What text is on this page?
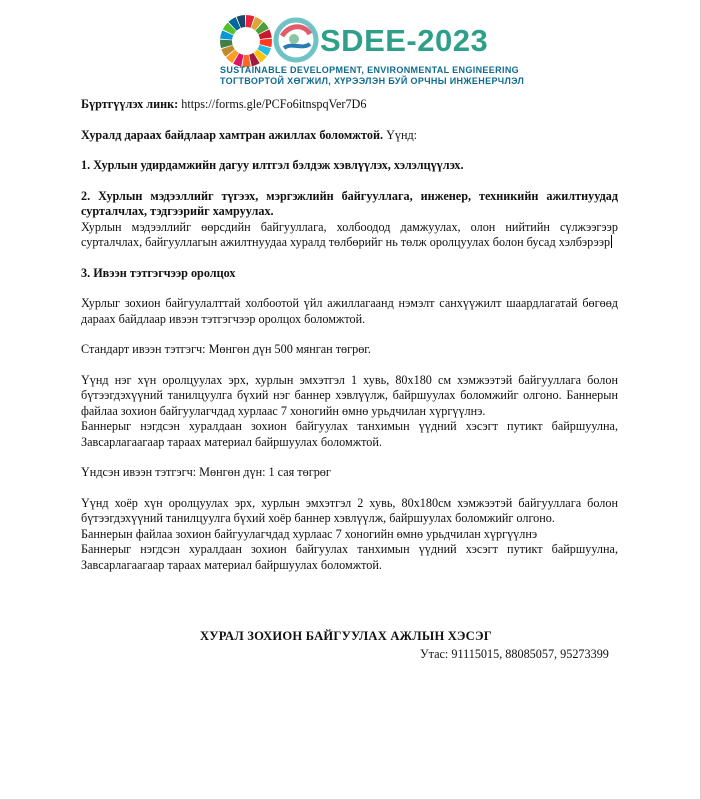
SDEE-2023
SUSTAINABLE DEVELOPMENT, ENVIRONMENTAL ENGINEERING
ТОГТВОРТОЙ ХӨГЖИЛ, ХҮРЭЭЛЭН БУЙ ОРЧНЫ ИНЖЕНЕРЧЛЭЛ

Бүртгүүлэх линк: https://forms.gle/PCFo6itnspqVer7D6

Хуралд дараах байдлаар хамтран ажиллах боломжтой. Үүнд:

1. Хурлын удирдамжийн дагуу илтгэл бэлдэж хэвлүүлэх, хэлэлцүүлэх.

2. Хурлын мэдээллийг түгээх, мэргэжлийн байгууллага, инженер, техникийн ажилтнуудад сурталчлах, тэдгээрийг хамруулах.

Хурлын мэдээллийг өөрсдийн байгууллага, холбоодод дамжуулах, олон нийтийн сүлжээгээр сурталчлах, байгууллагын ажилтнуудаа хуралд төлбөрийг нь төлж оролцуулах болон бусад хэлбэрээр

3. Ивээн тэтгэгчээр оролцох

Хурлыг зохион байгуулалттай холбоотой үйл ажиллагаанд нэмэлт санхүүжилт шаардлагатай бөгөөд дараах байдлаар ивээн тэтгэгчээр оролцох боломжтой.

Стандарт ивээн тэтгэгч: Мөнгөн дүн 500 мянган төгрөг.

Үүнд нэг хүн оролцуулах эрх, хурлын эмхэтгэл 1 хувь, 80х180 см хэмжээтэй байгууллага болон бүтээгдэхүүний танилцуулга бүхий нэг баннер хэвлүүлж, байршуулах боломжийг олгоно. Баннерын файлаа зохион байгуулагчдад хурлаас 7 хоногийн өмнө урьдчилан хүргүүлнэ.

Баннерыг нэгдсэн хуралдаан зохион байгуулах танхимын үүдний хэсэгт путикт байршуулна, Завсарлагаагаар тараах материал байршуулах боломжтой.

Үндсэн ивээн тэтгэгч: Мөнгөн дүн: 1 сая төгрөг

Үүнд хоёр хүн оролцуулах эрх, хурлын эмхэтгэл 2 хувь, 80х180см хэмжээтэй байгууллага болон бүтээгдэхүүний танилцуулга бүхий хоёр баннер хэвлүүлж, байршуулах боломжийг олгоно.

Баннерын файлаа зохион байгуулагчдад хурлаас 7 хоногийн өмнө урьдчилан хүргүүлнэ

Баннерыг нэгдсэн хуралдаан зохион байгуулах танхимын үүдний хэсэгт путикт байршуулна, Завсарлагаагаар тараах материал байршуулах боломжтой.

ХУРАЛ ЗОХИОН БАЙГУУЛАХ АЖЛЫН ХЭСЭГ
Утас: 91115015, 88085057, 95273399
